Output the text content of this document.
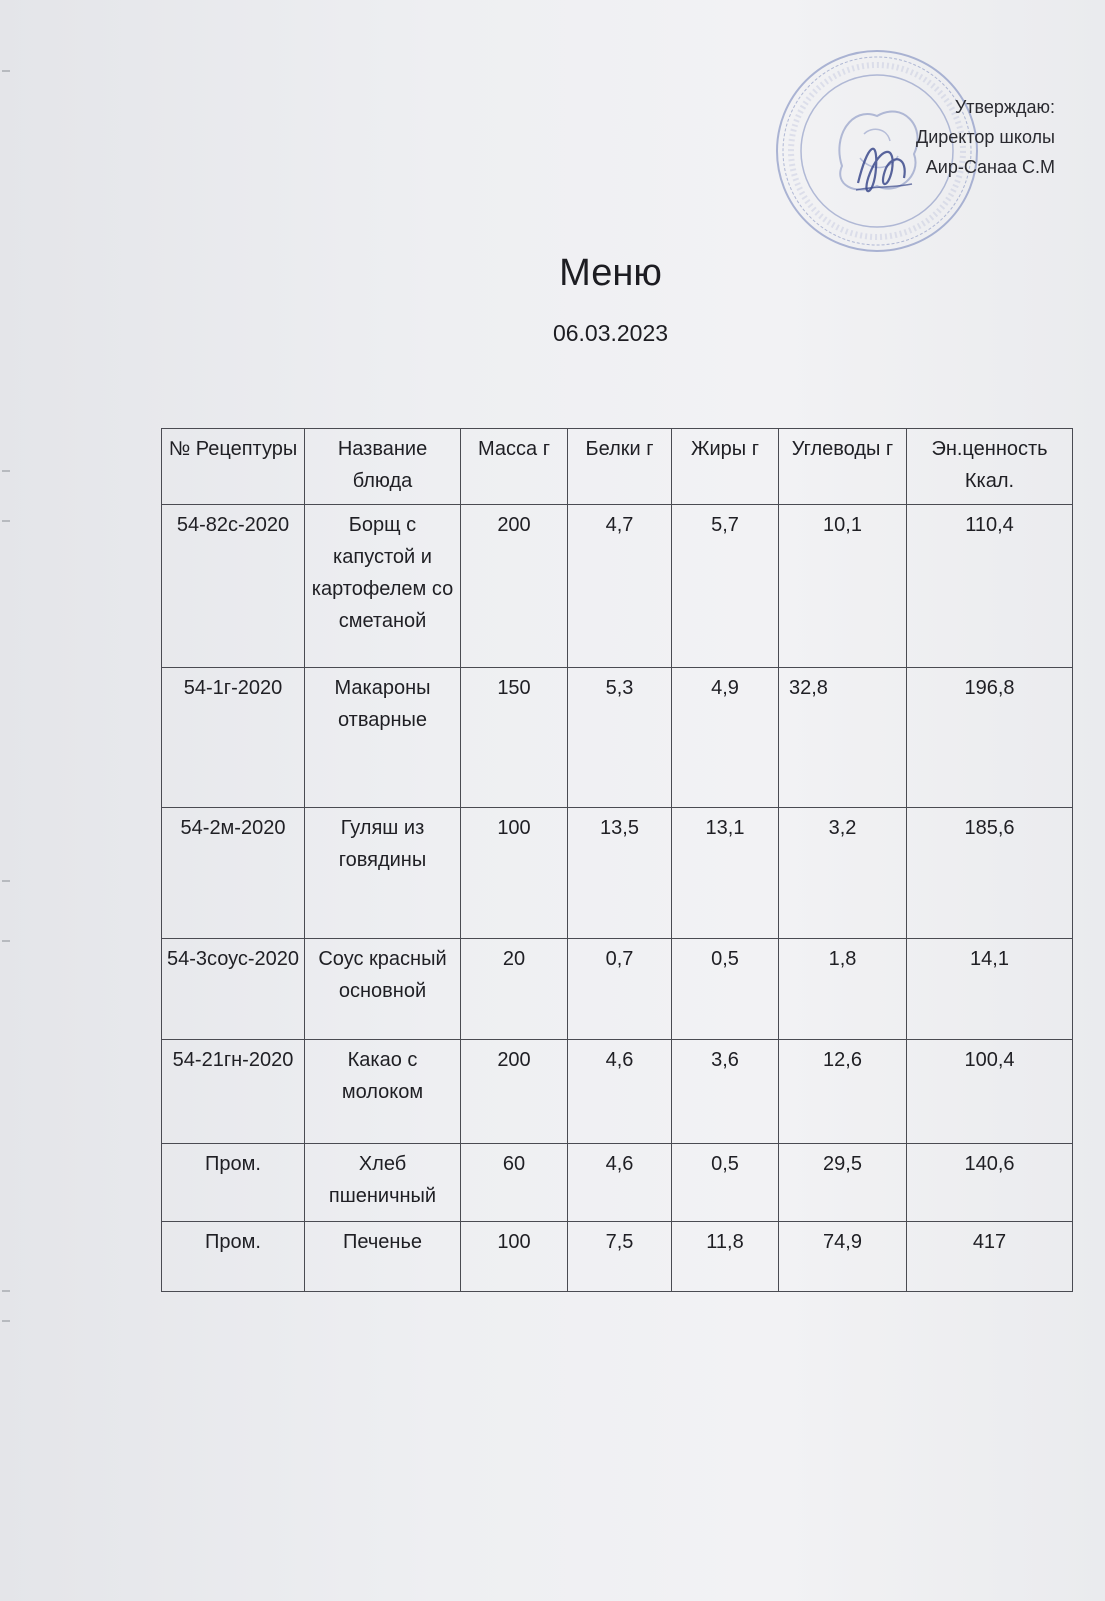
Утверждаю:
Директор школы
Аир-Санаа С.М
Меню
06.03.2023
№ Рецептуры	Название блюда	Масса г	Белки г	Жиры г	Углеводы г	Эн.ценность Ккал.
54-82с-2020	Борщ с капустой и картофелем со сметаной	200	4,7	5,7	10,1	110,4
54-1г-2020	Макароны отварные	150	5,3	4,9	32,8	196,8
54-2м-2020	Гуляш из говядины	100	13,5	13,1	3,2	185,6
54-3соус-2020	Соус красный основной	20	0,7	0,5	1,8	14,1
54-21гн-2020	Какао с молоком	200	4,6	3,6	12,6	100,4
Пром.	Хлеб пшеничный	60	4,6	0,5	29,5	140,6
Пром.	Печенье	100	7,5	11,8	74,9	417
